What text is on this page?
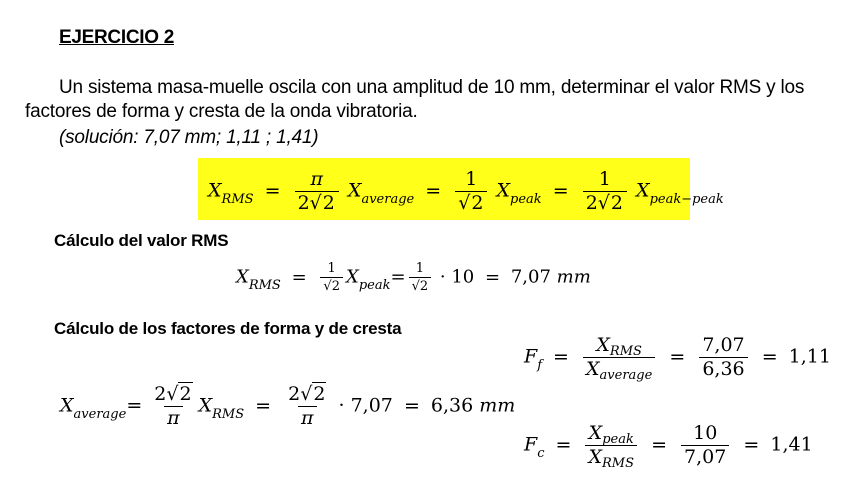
EJERCICIO 2
Un sistema masa-muelle oscila con una amplitud de 10 mm, determinar el valor RMS y los factores de forma y cresta de la onda vibratoria.
(solución: 7,07 mm; 1,11 ; 1,41)
$X_{RMS} = \frac{\pi}{2√2} X_{average} = \frac{1}{√2} X_{peak} = \frac{1}{2√2} X_{peak-peak}$
Cálculo del valor RMS
$X_{RMS} = \frac{1}{√2} X_{peak}= \frac{1}{√2} \cdot 10 = 7,07$ mm
Cálculo de los factores de forma y de cresta
$X_{average}= \frac{2√2}{\pi} X_{RMS} = \frac{2√2}{\pi} \cdot 7,07 = 6,36$ mm
$F_f = \frac{X_{RMS}}{X_{average}} = \frac{7,07}{6,36} = 1,11$
$F_c = \frac{X_{peak}}{X_{RMS}} = \frac{10}{7,07} = 1,41$
